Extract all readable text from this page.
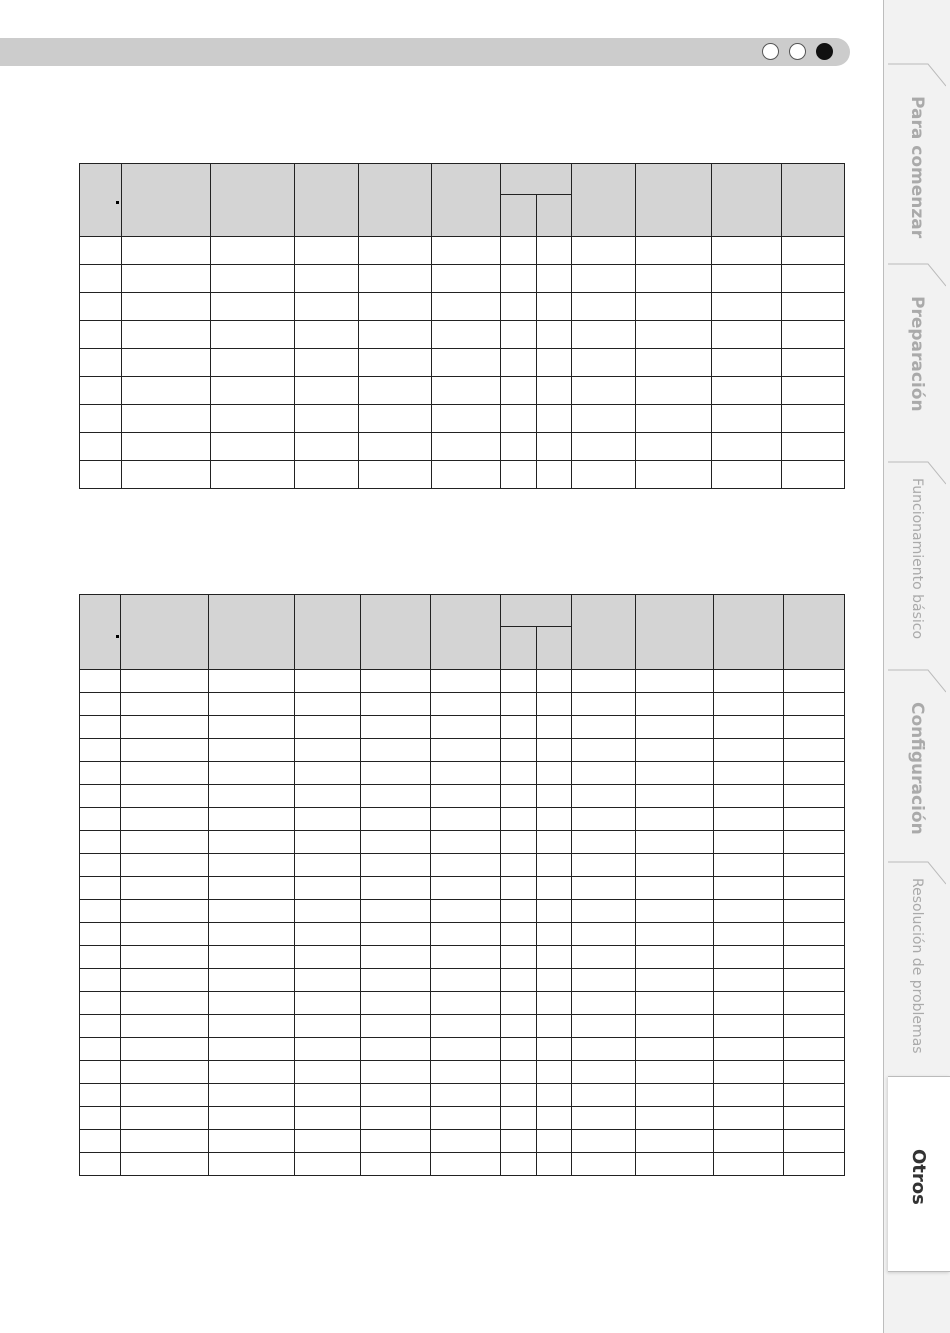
Para comenzar
Preparación
Funcionamiento básico
Configuración
Resolución de problemas
Otros
